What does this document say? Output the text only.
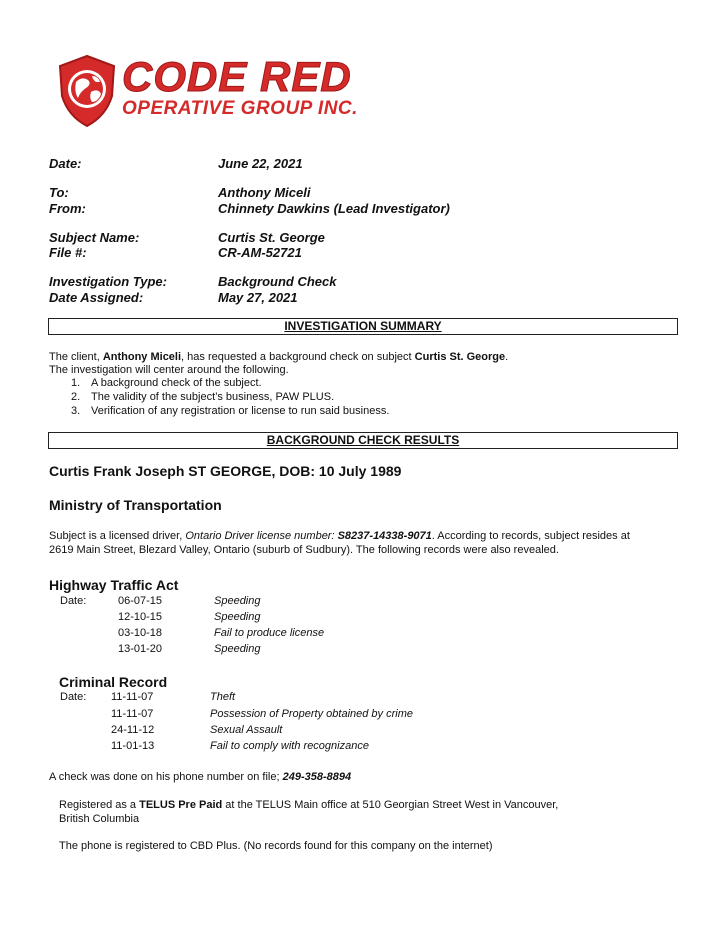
CODE RED
OPERATIVE GROUP INC.
Date:	June 22, 2021
To:	Anthony Miceli
From:	Chinnety Dawkins (Lead Investigator)
Subject Name:	Curtis St. George
File #:	CR-AM-52721
Investigation Type:	Background Check
Date Assigned:	May 27, 2021
INVESTIGATION SUMMARY
The client, Anthony Miceli, has requested a background check on subject Curtis St. George.
The investigation will center around the following.
1. A background check of the subject.
2. The validity of the subject’s business, PAW PLUS.
3. Verification of any registration or license to run said business.
BACKGROUND CHECK RESULTS
Curtis Frank Joseph ST GEORGE, DOB: 10 July 1989
Ministry of Transportation
Subject is a licensed driver, Ontario Driver license number: S8237-14338-9071. According to records, subject resides at
2619 Main Street, Blezard Valley, Ontario (suburb of Sudbury). The following records were also revealed.
Highway Traffic Act
Date:	06-07-15	Speeding
12-10-15	Speeding
03-10-18	Fail to produce license
13-01-20	Speeding
Criminal Record
Date: 11-11-07	Theft
11-11-07	Possession of Property obtained by crime
24-11-12	Sexual Assault
11-01-13	Fail to comply with recognizance
A check was done on his phone number on file; 249-358-8894
Registered as a TELUS Pre Paid at the TELUS Main office at 510 Georgian Street West in Vancouver,
British Columbia
The phone is registered to CBD Plus. (No records found for this company on the internet)
